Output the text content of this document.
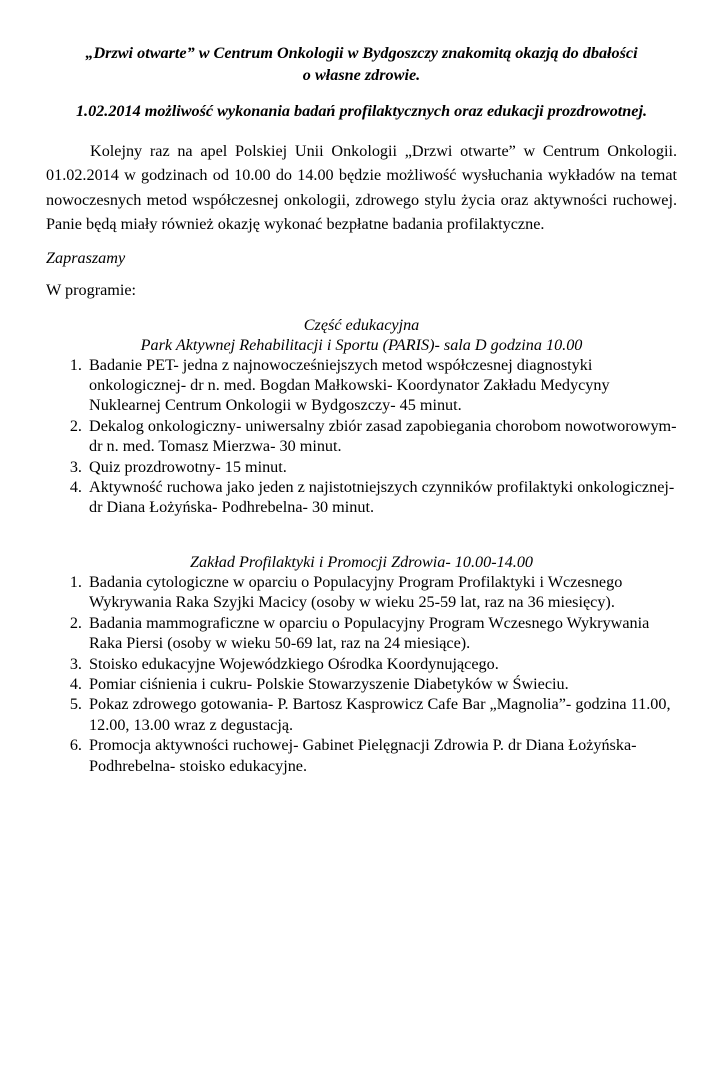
„Drzwi otwarte” w Centrum Onkologii w Bydgoszczy znakomitą okazją do dbałości
o własne zdrowie.
1.02.2014 możliwość wykonania badań profilaktycznych oraz edukacji prozdrowotnej.

Kolejny raz na apel Polskiej Unii Onkologii „Drzwi otwarte” w Centrum Onkologii. 01.02.2014 w godzinach od 10.00 do 14.00 będzie możliwość wysłuchania wykładów na temat nowoczesnych metod współczesnej onkologii, zdrowego stylu życia oraz aktywności ruchowej. Panie będą miały również okazję wykonać bezpłatne badania profilaktyczne.

Zapraszamy
W programie:
Część edukacyjna
Park Aktywnej Rehabilitacji i Sportu (PARIS)- sala D godzina 10.00
1. Badanie PET- jedna z najnowocześniejszych metod współczesnej diagnostyki onkologicznej- dr n. med. Bogdan Małkowski- Koordynator Zakładu Medycyny Nuklearnej Centrum Onkologii w Bydgoszczy- 45 minut.
2. Dekalog onkologiczny- uniwersalny zbiór zasad zapobiegania chorobom nowotworowym- dr n. med. Tomasz Mierzwa- 30 minut.
3. Quiz prozdrowotny- 15 minut.
4. Aktywność ruchowa jako jeden z najistotniejszych czynników profilaktyki onkologicznej- dr Diana Łożyńska- Podhrebelna- 30 minut.
Zakład Profilaktyki i Promocji Zdrowia- 10.00-14.00
1. Badania cytologiczne w oparciu o Populacyjny Program Profilaktyki i Wczesnego Wykrywania Raka Szyjki Macicy (osoby w wieku 25-59 lat, raz na 36 miesięcy).
2. Badania mammograficzne w oparciu o Populacyjny Program Wczesnego Wykrywania Raka Piersi (osoby w wieku 50-69 lat, raz na 24 miesiące).
3. Stoisko edukacyjne Wojewódzkiego Ośrodka Koordynującego.
4. Pomiar ciśnienia i cukru- Polskie Stowarzyszenie Diabetyków w Świeciu.
5. Pokaz zdrowego gotowania- P. Bartosz Kasprowicz Cafe Bar „Magnolia”- godzina 11.00, 12.00, 13.00 wraz z degustacją.
6. Promocja aktywności ruchowej- Gabinet Pielęgnacji Zdrowia P. dr Diana Łożyńska- Podhrebelna- stoisko edukacyjne.
